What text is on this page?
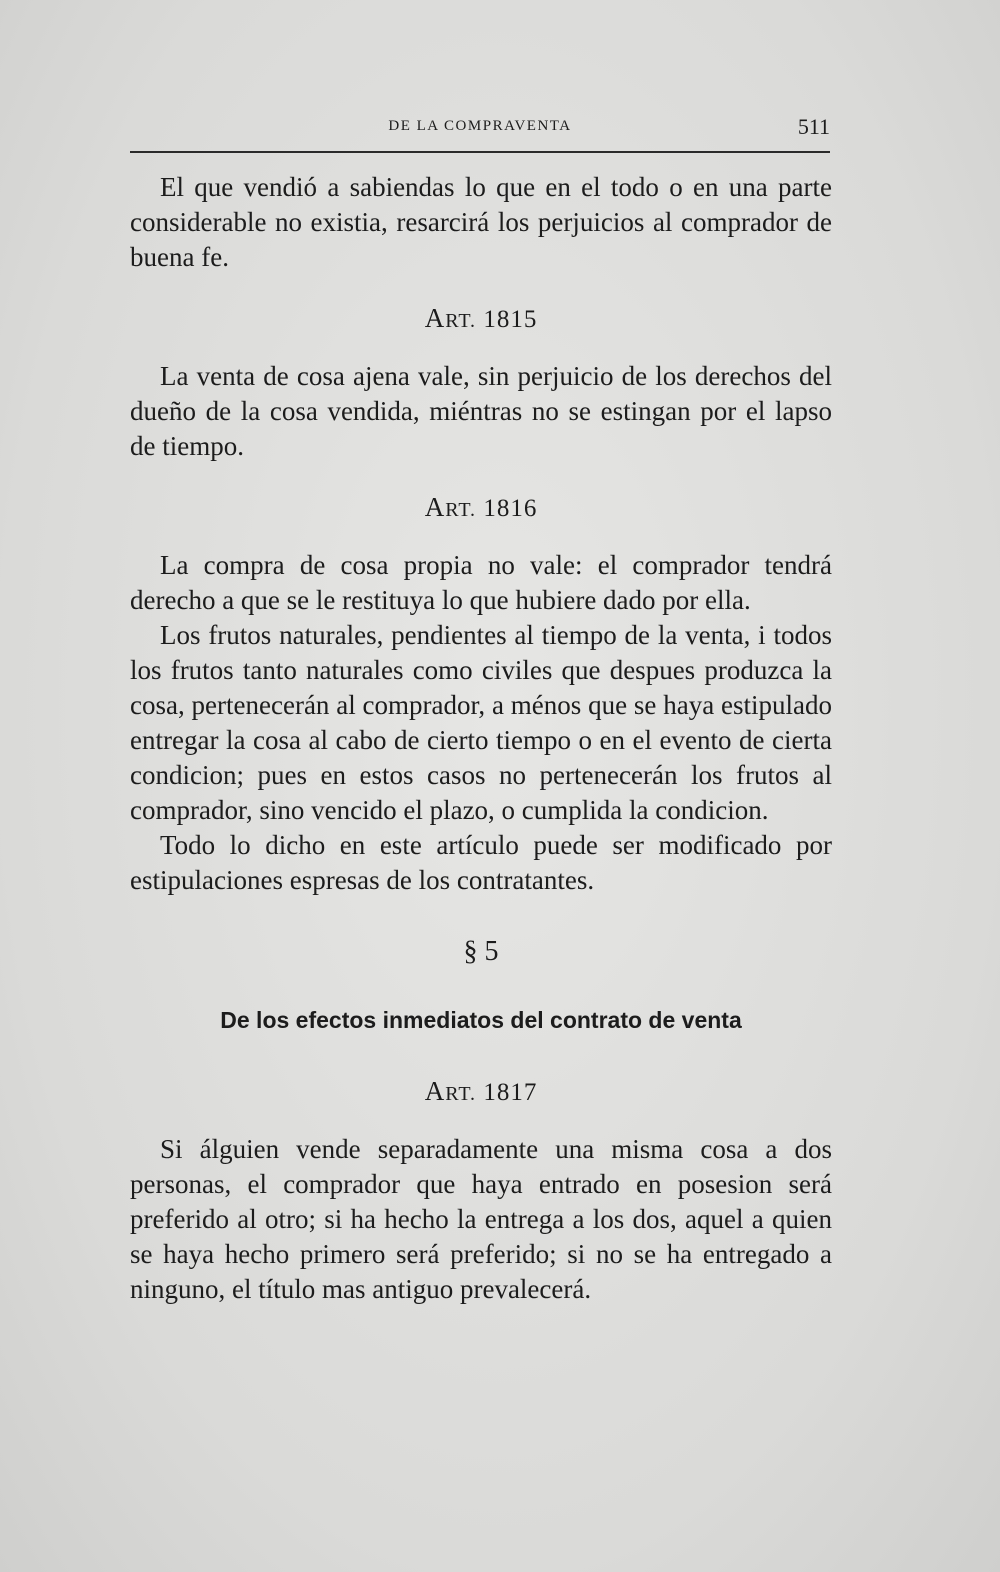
DE LA COMPRAVENTA	511

El que vendió a sabiendas lo que en el todo o en una parte considerable no existia, resarcirá los perjuicios al comprador de buena fe.

ART. 1815

La venta de cosa ajena vale, sin perjuicio de los derechos del dueño de la cosa vendida, miéntras no se estingan por el lapso de tiempo.

ART. 1816

La compra de cosa propia no vale: el comprador tendrá derecho a que se le restituya lo que hubiere dado por ella.

Los frutos naturales, pendientes al tiempo de la venta, i todos los frutos tanto naturales como civiles que despues produzca la cosa, pertenecerán al comprador, a ménos que se haya estipulado entregar la cosa al cabo de cierto tiempo o en el evento de cierta condicion; pues en estos casos no pertenecerán los frutos al comprador, sino vencido el plazo, o cumplida la condicion.

Todo lo dicho en este artículo puede ser modificado por estipulaciones espresas de los contratantes.

§ 5
De los efectos inmediatos del contrato de venta
ART. 1817

Si álguien vende separadamente una misma cosa a dos personas, el comprador que haya entrado en posesion será preferido al otro; si ha hecho la entrega a los dos, aquel a quien se haya hecho primero será preferido; si no se ha entregado a ninguno, el título mas antiguo prevalecerá.
